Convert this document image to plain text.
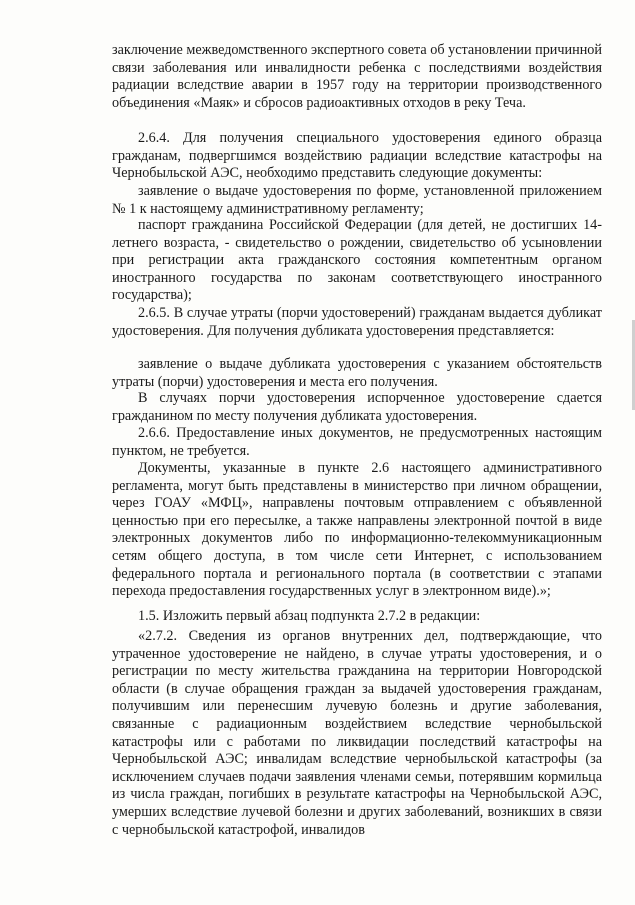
заключение межведомственного экспертного совета об установлении причинной связи заболевания или инвалидности ребенка с последствиями воздействия радиации вследствие аварии в 1957 году на территории производственного объединения «Маяк» и сбросов радиоактивных отходов в реку Теча.

2.6.4. Для получения специального удостоверения единого образца гражданам, подвергшимся воздействию радиации вследствие катастрофы на Чернобыльской АЭС, необходимо представить следующие документы:

заявление о выдаче удостоверения по форме, установленной приложением № 1 к настоящему административному регламенту;

паспорт гражданина Российской Федерации (для детей, не достигших 14-летнего возраста, - свидетельство о рождении, свидетельство об усыновлении при регистрации акта гражданского состояния компетентным органом иностранного государства по законам соответствующего иностранного государства);

2.6.5. В случае утраты (порчи удостоверений) гражданам выдается дубликат удостоверения. Для получения дубликата удостоверения представляется:

заявление о выдаче дубликата удостоверения с указанием обстоятельств утраты (порчи) удостоверения и места его получения.

В случаях порчи удостоверения испорченное удостоверение сдается гражданином по месту получения дубликата удостоверения.

2.6.6. Предоставление иных документов, не предусмотренных настоящим пунктом, не требуется.

Документы, указанные в пункте 2.6 настоящего административного регламента, могут быть представлены в министерство при личном обращении, через ГОАУ «МФЦ», направлены почтовым отправлением с объявленной ценностью при его пересылке, а также направлены электронной почтой в виде электронных документов либо по информационно-телекоммуникационным сетям общего доступа, в том числе сети Интернет, с использованием федерального портала и регионального портала (в соответствии с этапами перехода предоставления государственных услуг в электронном виде).»;

1.5. Изложить первый абзац подпункта 2.7.2 в редакции:

«2.7.2. Сведения из органов внутренних дел, подтверждающие, что утраченное удостоверение не найдено, в случае утраты удостоверения, и о регистрации по месту жительства гражданина на территории Новгородской области (в случае обращения граждан за выдачей удостоверения гражданам, получившим или перенесшим лучевую болезнь и другие заболевания, связанные с радиационным воздействием вследствие чернобыльской катастрофы или с работами по ликвидации последствий катастрофы на Чернобыльской АЭС; инвалидам вследствие чернобыльской катастрофы (за исключением случаев подачи заявления членами семьи, потерявшим кормильца из числа граждан, погибших в результате катастрофы на Чернобыльской АЭС, умерших вследствие лучевой болезни и других заболеваний, возникших в связи с чернобыльской катастрофой, инвалидов
